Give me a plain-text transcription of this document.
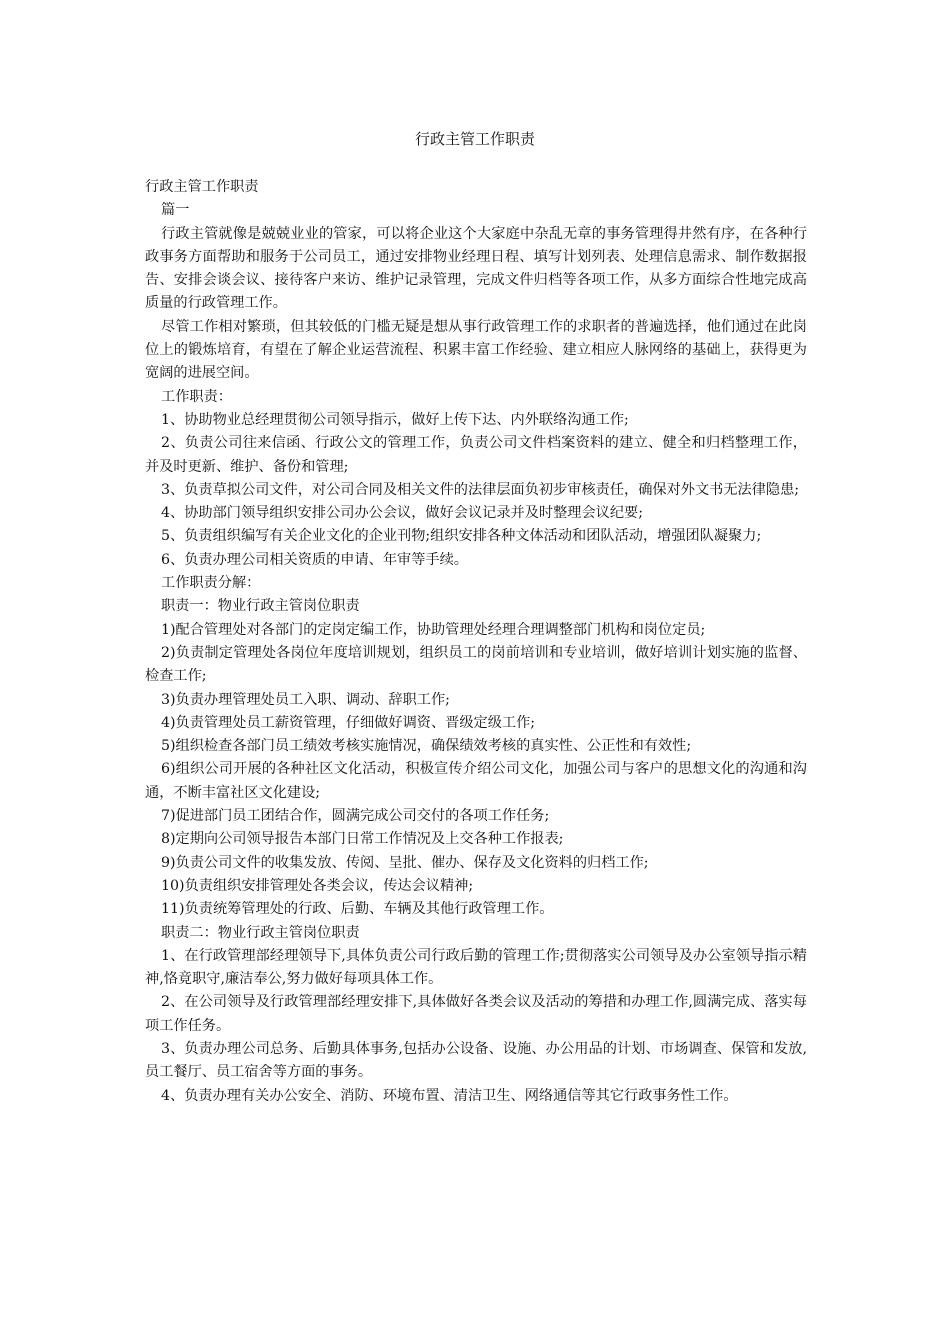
行政主管工作职责

行政主管工作职责

篇一

行政主管就像是兢兢业业的管家，可以将企业这个大家庭中杂乱无章的事务管理得井然有序，在各种行政事务方面帮助和服务于公司员工，通过安排物业经理日程、填写计划列表、处理信息需求、制作数据报告、安排会谈会议、接待客户来访、维护记录管理，完成文件归档等各项工作，从多方面综合性地完成高质量的行政管理工作。

尽管工作相对繁琐，但其较低的门槛无疑是想从事行政管理工作的求职者的普遍选择，他们通过在此岗位上的锻炼培育，有望在了解企业运营流程、积累丰富工作经验、建立相应人脉网络的基础上，获得更为宽阔的进展空间。

工作职责：

1、协助物业总经理贯彻公司领导指示，做好上传下达、内外联络沟通工作;

2、负责公司往来信函、行政公文的管理工作，负责公司文件档案资料的建立、健全和归档整理工作，并及时更新、维护、备份和管理;

3、负责草拟公司文件，对公司合同及相关文件的法律层面负初步审核责任，确保对外文书无法律隐患;

4、协助部门领导组织安排公司办公会议，做好会议记录并及时整理会议纪要;

5、负责组织编写有关企业文化的企业刊物;组织安排各种文体活动和团队活动，增强团队凝聚力;

6、负责办理公司相关资质的申请、年审等手续。

工作职责分解：

职责一：物业行政主管岗位职责

1)配合管理处对各部门的定岗定编工作，协助管理处经理合理调整部门机构和岗位定员;

2)负责制定管理处各岗位年度培训规划，组织员工的岗前培训和专业培训，做好培训计划实施的监督、检查工作;

3)负责办理管理处员工入职、调动、辞职工作;

4)负责管理处员工薪资管理，仔细做好调资、晋级定级工作;

5)组织检查各部门员工绩效考核实施情况，确保绩效考核的真实性、公正性和有效性;

6)组织公司开展的各种社区文化活动，积极宣传介绍公司文化，加强公司与客户的思想文化的沟通和沟通，不断丰富社区文化建设;

7)促进部门员工团结合作，圆满完成公司交付的各项工作任务;

8)定期向公司领导报告本部门日常工作情况及上交各种工作报表;

9)负责公司文件的收集发放、传阅、呈批、催办、保存及文化资料的归档工作;

10)负责组织安排管理处各类会议，传达会议精神;

11)负责统筹管理处的行政、后勤、车辆及其他行政管理工作。

职责二：物业行政主管岗位职责

1、在行政管理部经理领导下,具体负责公司行政后勤的管理工作;贯彻落实公司领导及办公室领导指示精神,恪竟职守,廉洁奉公,努力做好每项具体工作。

2、在公司领导及行政管理部经理安排下,具体做好各类会议及活动的筹措和办理工作,圆满完成、落实每项工作任务。

3、负责办理公司总务、后勤具体事务,包括办公设备、设施、办公用品的计划、市场调查、保管和发放,员工餐厅、员工宿舍等方面的事务。

4、负责办理有关办公安全、消防、环境布置、清洁卫生、网络通信等其它行政事务性工作。
